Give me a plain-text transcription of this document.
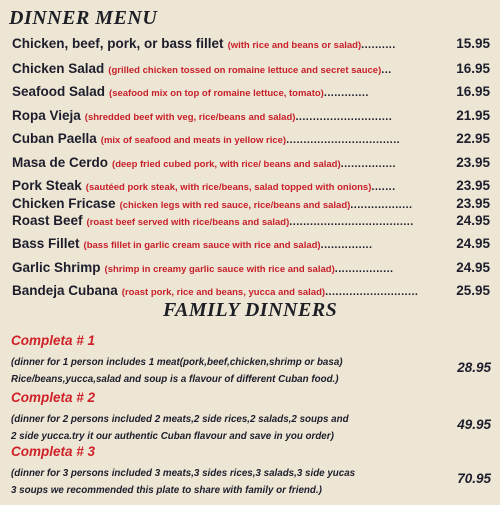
DINNER MENU
Chicken, beef, pork, or bass fillet (with rice and beans or salad)..........	15.95
Chicken Salad (grilled chicken tossed on romaine lettuce and secret sauce)...	16.95
Seafood Salad (seafood mix on top of romaine lettuce, tomato).............	16.95
Ropa Vieja (shredded beef with veg, rice/beans and salad)............................	21.95
Cuban Paella (mix of seafood and meats in yellow rice).................................	22.95
Masa de Cerdo (deep fried cubed pork, with rice/ beans and salad)................	23.95
Pork Steak (sautéed pork steak, with rice/beans, salad topped with onions).......	23.95
Chicken Fricase (chicken legs with red sauce, rice/beans and salad)..................	23.95
Roast Beef (roast beef served with rice/beans and salad)....................................	24.95
Bass Fillet (bass fillet in garlic cream sauce with rice and salad)...............	24.95
Garlic Shrimp (shrimp in creamy garlic sauce with rice and salad).................	24.95
Bandeja Cubana (roast pork, rice and beans, yucca and salad)...........................	25.95
FAMILY DINNERS
Completa # 1
28.95
(dinner for 1 person includes 1 meat(pork,beef,chicken,shrimp or basa)
Rice/beans,yucca,salad and soup is a flavour of different Cuban food.)
Completa # 2
49.95
(dinner for 2 persons included 2 meats,2 side rices,2 salads,2 soups and
2 side yucca.try it our authentic Cuban flavour and save in you order)
Completa # 3
70.95
(dinner for 3 persons included 3 meats,3 sides rices,3 salads,3 side yucas
3 soups we recommended this plate to share with family or friend.)
